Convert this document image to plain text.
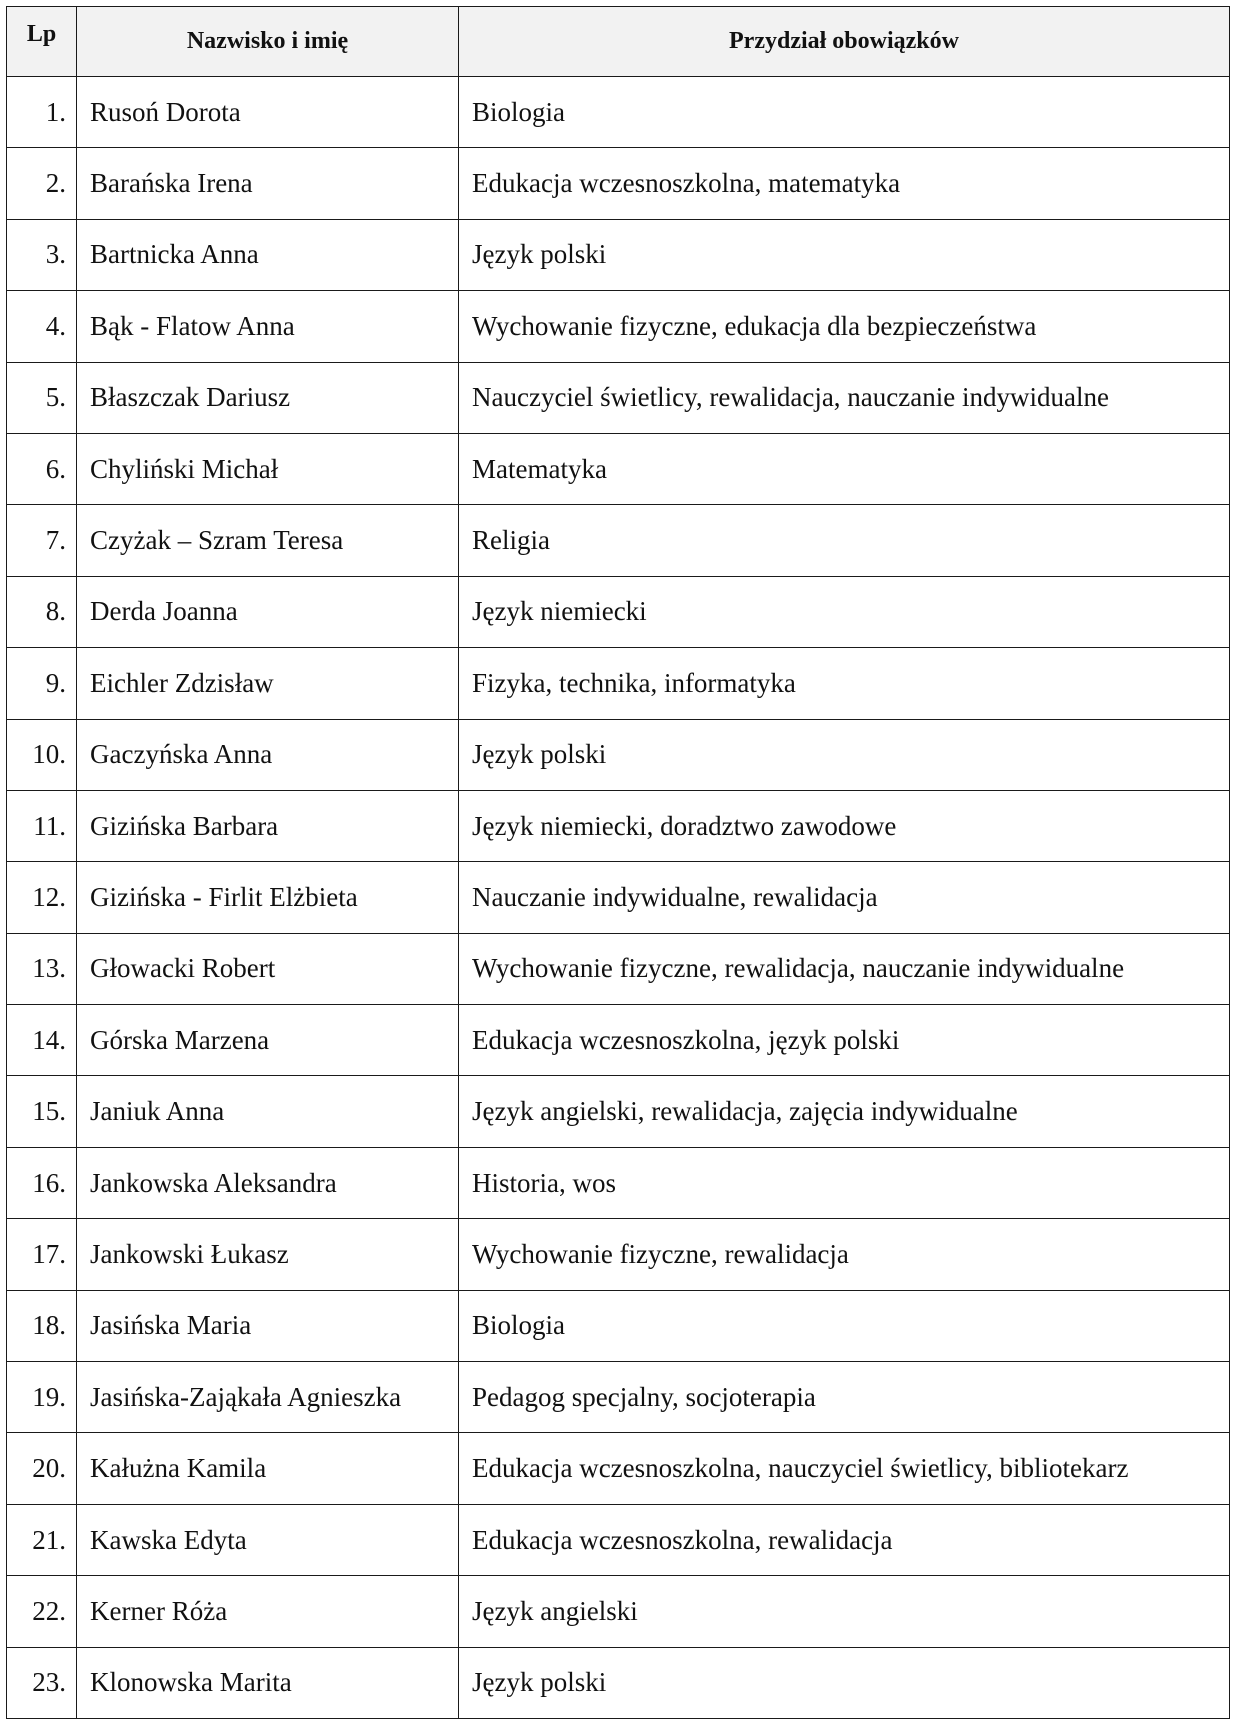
Lp	Nazwisko i imię	Przydział obowiązków
1.	Rusoń Dorota	Biologia
2.	Barańska Irena	Edukacja wczesnoszkolna, matematyka
3.	Bartnicka Anna	Język polski
4.	Bąk - Flatow Anna	Wychowanie fizyczne, edukacja dla bezpieczeństwa
5.	Błaszczak Dariusz	Nauczyciel świetlicy, rewalidacja, nauczanie indywidualne
6.	Chyliński Michał	Matematyka
7.	Czyżak – Szram Teresa	Religia
8.	Derda Joanna	Język niemiecki
9.	Eichler Zdzisław	Fizyka, technika, informatyka
10.	Gaczyńska Anna	Język polski
11.	Gizińska Barbara	Język niemiecki, doradztwo zawodowe
12.	Gizińska - Firlit Elżbieta	Nauczanie indywidualne, rewalidacja
13.	Głowacki Robert	Wychowanie fizyczne, rewalidacja, nauczanie indywidualne
14.	Górska Marzena	Edukacja wczesnoszkolna, język polski
15.	Janiuk Anna	Język angielski, rewalidacja, zajęcia indywidualne
16.	Jankowska Aleksandra	Historia, wos
17.	Jankowski Łukasz	Wychowanie fizyczne, rewalidacja
18.	Jasińska Maria	Biologia
19.	Jasińska-Zająkała Agnieszka	Pedagog specjalny, socjoterapia
20.	Kałużna Kamila	Edukacja wczesnoszkolna, nauczyciel świetlicy, bibliotekarz
21.	Kawska Edyta	Edukacja wczesnoszkolna, rewalidacja
22.	Kerner Róża	Język angielski
23.	Klonowska Marita	Język polski
